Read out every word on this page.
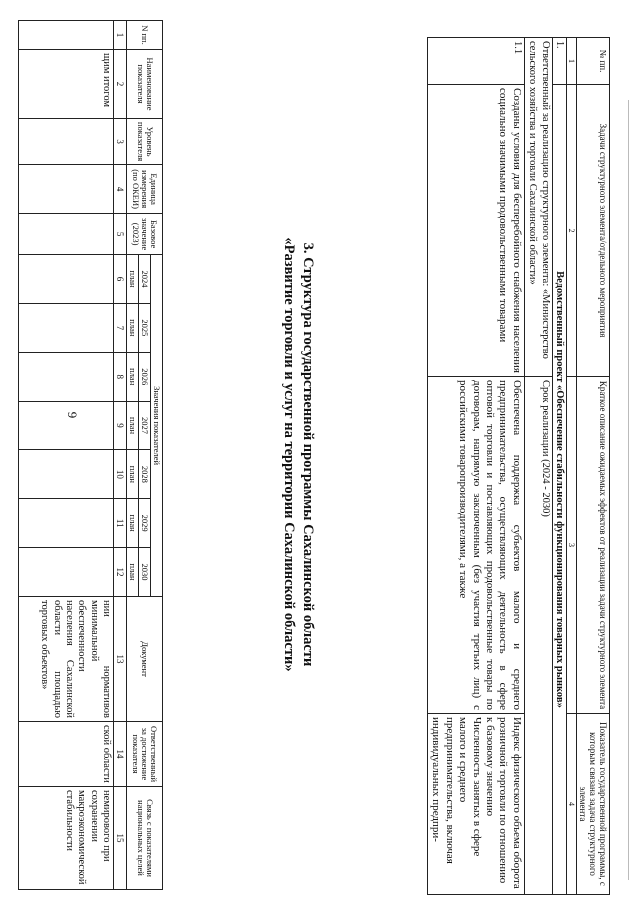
6
N пп.	Наименование показателя	Уровень показателя	Единица измерения (по ОКЕИ)	Базовое значение (2023)	Значения показателей							Документ	Ответственный за достижение показателя	Связь с показателями национальных целей
					2024	2025	2026	2027	2028	2029	2030			
					план	план	план	план	план	план	план			
1	2	3	4	5	6	7	8	9	10	11	12	13	14	15
	щим итогом											нии нормативов минимальной обеспеченности населения Сахалинской области площадью торговых объектов»	ской области	немирового при сохранении макроэкономической стабильности
3. Структура государственной программы Сахалинской области
«Развитие торговли и услуг на территории Сахалинской области»
№ пп.	Задачи структурного элемента/отдельного мероприятия	Краткое описание ожидаемых эффектов от реализации задачи структурного элемента	Показатель государственной программы, с которым связана задача структурного элемента
1	2	3	4
1.	Ведомственный проект «Обеспечение стабильности функционирования товарных рынков»		
Ответственный за реализацию структурного элемента: «Министерство сельского хозяйства и торговли Сахалинской области»		Срок реализации (2024 - 2030)	
1.1	Созданы условия для бесперебойного снабжения населения социально значимыми продовольственными товарами	Обеспечена поддержка субъектов малого и среднего предпринимательства, осуществляющих деятельность в сфере оптовой торговли и поставляющих продовольственные товары по договорам, напрямую заключенным (без участия третьих лиц) с российскими товаропроизводителями, а также	Индекс физического объема оборота розничной торговли по отношению к базовому значению
Численность занятых в сфере малого и среднего предпринимательства, включая индивидуальных предпри-
